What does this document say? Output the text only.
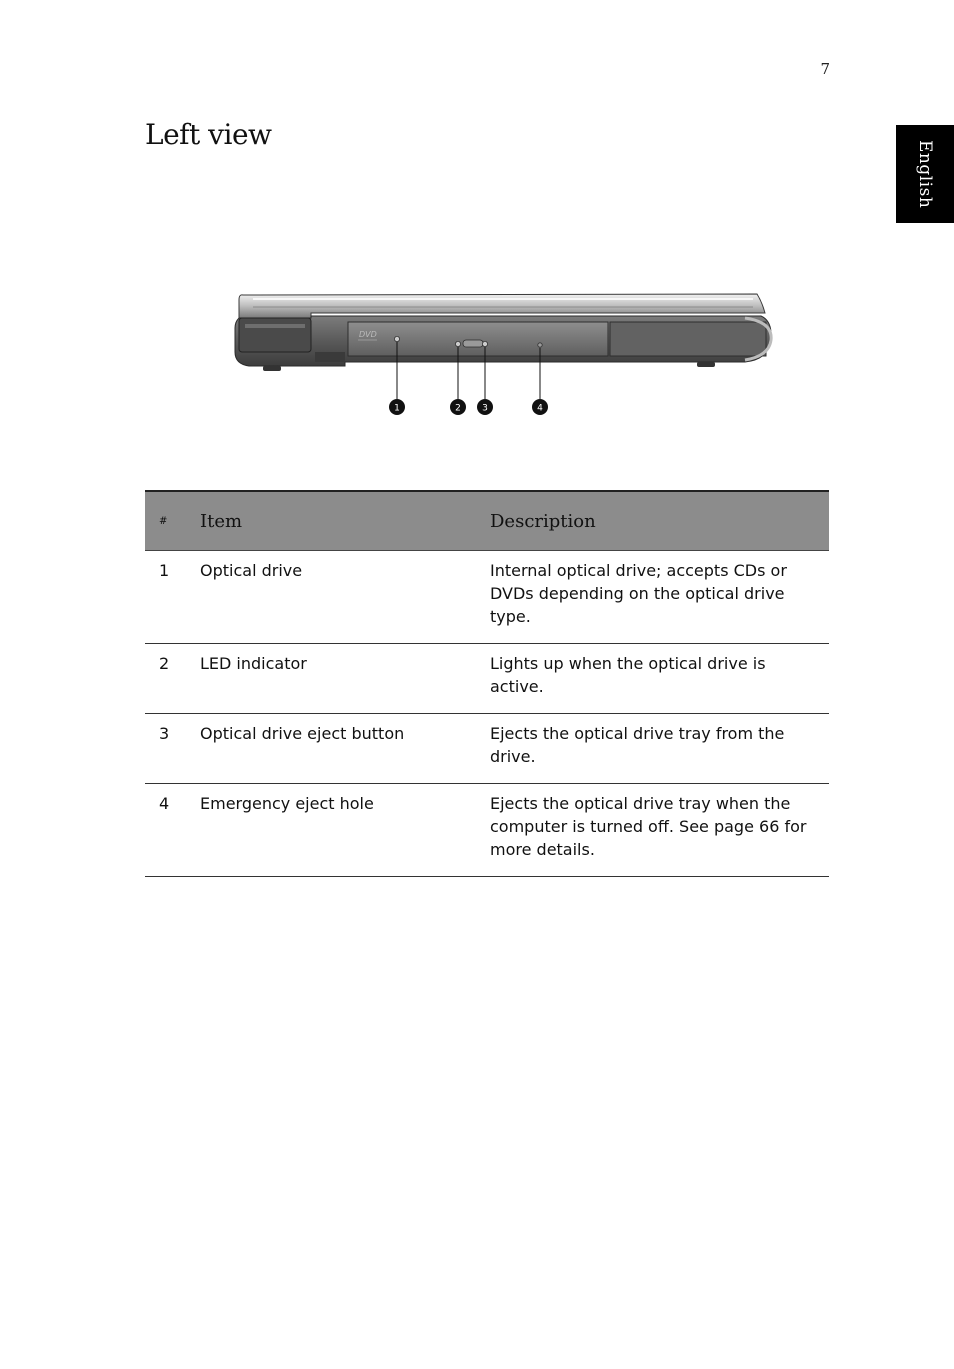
7
English
Left view
DVD
1	2 3	4
#	Item	Description
1	Optical drive	Internal optical drive; accepts CDs or DVDs depending on the optical drive type.
2	LED indicator	Lights up when the optical drive is active.
3	Optical drive eject button	Ejects the optical drive tray from the drive.
4	Emergency eject hole	Ejects the optical drive tray when the computer is turned off. See page 66 for more details.
